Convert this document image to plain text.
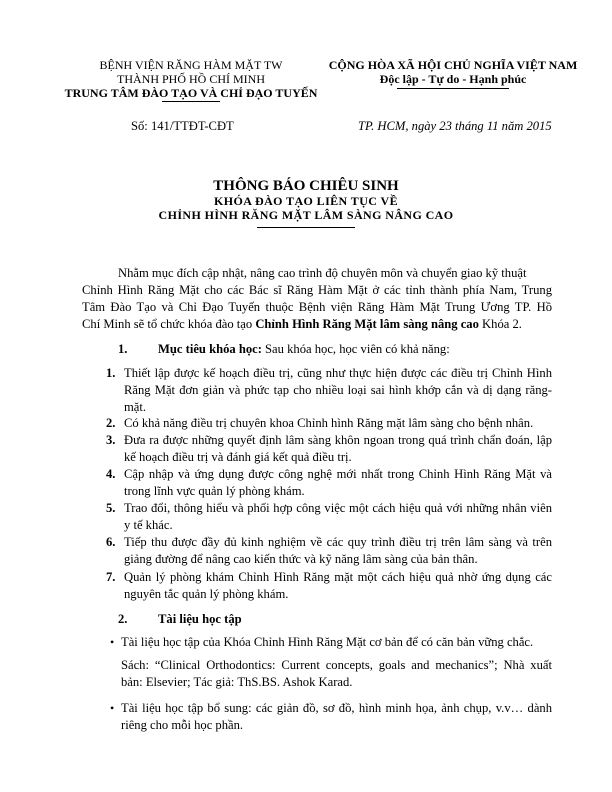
BỆNH VIỆN RĂNG HÀM MẶT TW
THÀNH PHỐ HỒ CHÍ MINH
TRUNG TÂM ĐÀO TẠO VÀ CHỈ ĐẠO TUYẾN
CỘNG HÒA XÃ HỘI CHỦ NGHĨA VIỆT NAM
Độc lập - Tự do - Hạnh phúc
Số: 141/TTĐT-CĐT	TP. HCM, ngày 23 tháng 11 năm 2015
THÔNG BÁO CHIÊU SINH
KHÓA ĐÀO TẠO LIÊN TỤC VỀ
CHỈNH HÌNH RĂNG MẶT LÂM SÀNG NÂNG CAO
Nhằm mục đích cập nhật, nâng cao trình độ chuyên môn và chuyển giao kỹ thuật
Chỉnh Hình Răng Mặt cho các Bác sĩ Răng Hàm Mặt ở các tỉnh thành phía Nam, Trung
Tâm Đào Tạo và Chỉ Đạo Tuyến thuộc Bệnh viện Răng Hàm Mặt Trung Ương TP. Hồ
Chí Minh sẽ tổ chức khóa đào tạo Chỉnh Hình Răng Mặt lâm sàng nâng cao Khóa 2.
1. Mục tiêu khóa học: Sau khóa học, học viên có khả năng:
1. Thiết lập được kế hoạch điều trị, cũng như thực hiện được các điều trị Chỉnh Hình
Răng Mặt đơn giản và phức tạp cho nhiều loại sai hình khớp cắn và dị dạng răng-
mặt.
2. Có khả năng điều trị chuyên khoa Chỉnh hình Răng mặt lâm sàng cho bệnh nhân.
3. Đưa ra được những quyết định lâm sàng khôn ngoan trong quá trình chẩn đoán, lập
kế hoạch điều trị và đánh giá kết quả điều trị.
4. Cập nhập và ứng dụng được công nghệ mới nhất trong Chỉnh Hình Răng Mặt và
trong lĩnh vực quản lý phòng khám.
5. Trao đổi, thông hiểu và phối hợp công việc một cách hiệu quả với những nhân viên
y tế khác.
6. Tiếp thu được đầy đủ kinh nghiệm về các quy trình điều trị trên lâm sàng và trên
giảng đường để nâng cao kiến thức và kỹ năng lâm sàng của bản thân.
7. Quản lý phòng khám Chỉnh Hình Răng mặt một cách hiệu quả nhờ ứng dụng các
nguyên tắc quản lý phòng khám.
2. Tài liệu học tập
• Tài liệu học tập của Khóa Chỉnh Hình Răng Mặt cơ bản để có căn bản vững chắc.
Sách: “Clinical Orthodontics: Current concepts, goals and mechanics”; Nhà xuất
bản: Elsevier; Tác giả: ThS.BS. Ashok Karad.
• Tài liệu học tập bổ sung: các giản đồ, sơ đồ, hình minh họa, ảnh chụp, v.v… dành
riêng cho mỗi học phần.
